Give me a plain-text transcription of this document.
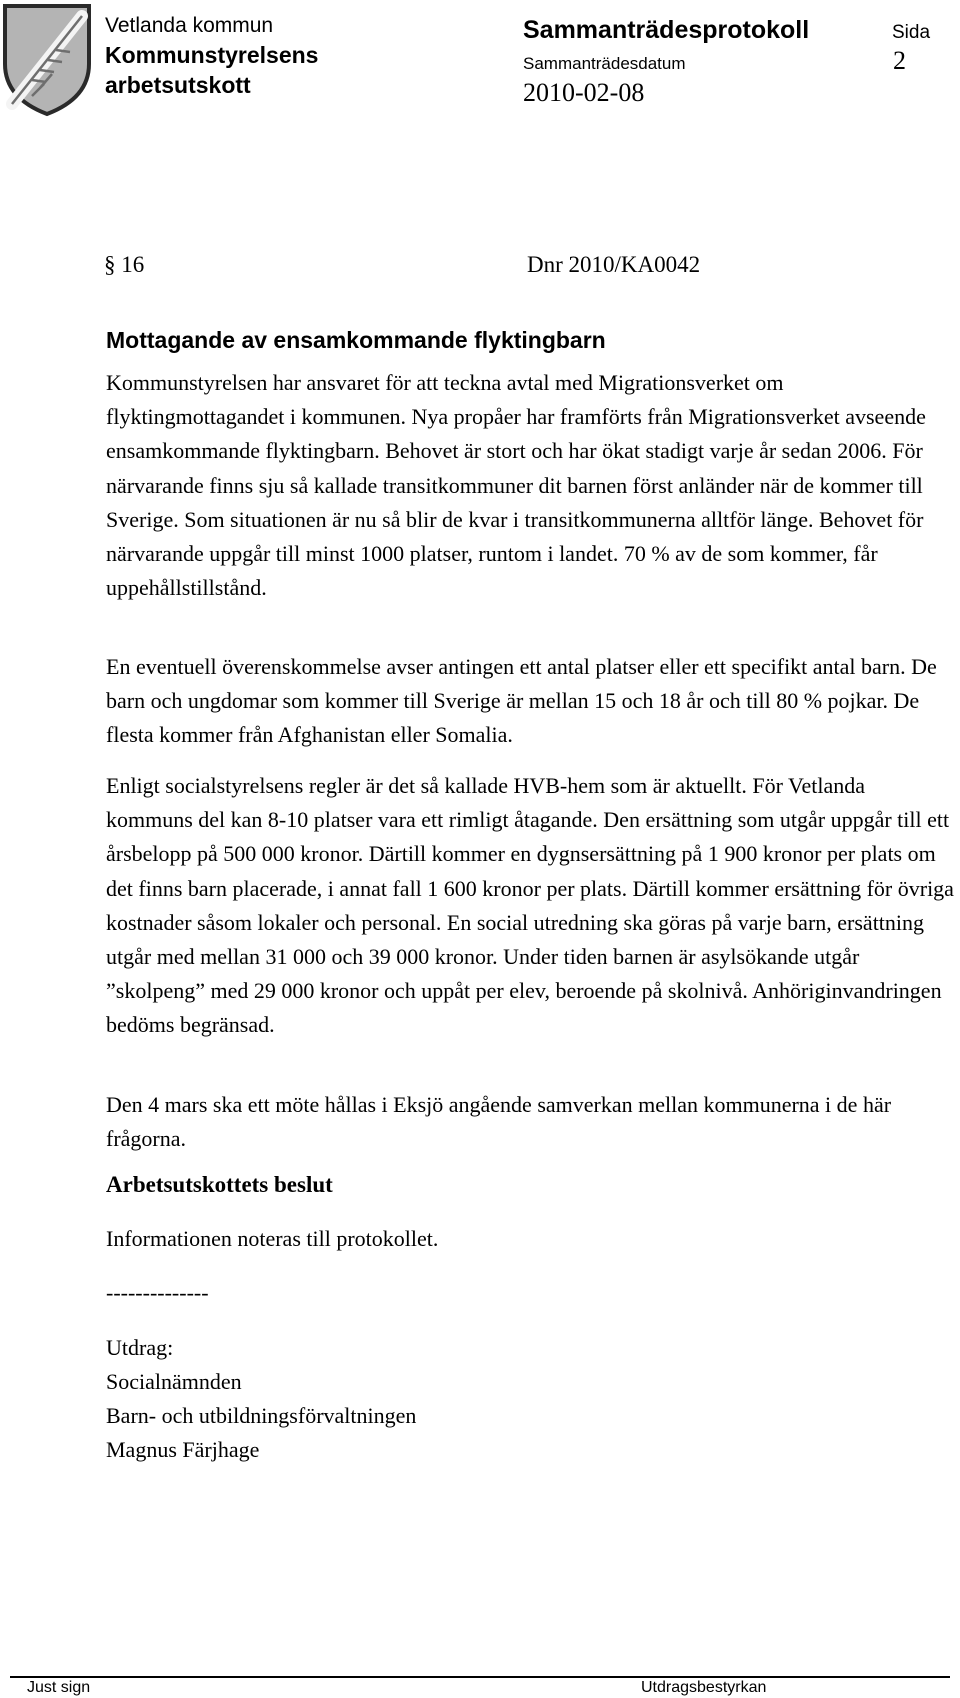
Vetlanda kommun
Kommunstyrelsens
arbetsutskott
Sammanträdesprotokoll	Sida
Sammanträdesdatum	2
2010-02-08
§ 16	Dnr 2010/KA0042
Mottagande av ensamkommande flyktingbarn
Kommunstyrelsen har ansvaret för att teckna avtal med Migrationsverket om flyktingmottagandet i kommunen. Nya propåer har framförts från Migrationsverket avseende ensamkommande flyktingbarn. Behovet är stort och har ökat stadigt varje år sedan 2006. För närvarande finns sju så kallade transitkommuner dit barnen först anländer när de kommer till Sverige. Som situationen är nu så blir de kvar i transitkommunerna alltför länge. Behovet för närvarande uppgår till minst 1000 platser, runtom i landet. 70 % av de som kommer, får uppehållstillstånd.
En eventuell överenskommelse avser antingen ett antal platser eller ett specifikt antal barn. De barn och ungdomar som kommer till Sverige är mellan 15 och 18 år och till 80 % pojkar. De flesta kommer från Afghanistan eller Somalia.
Enligt socialstyrelsens regler är det så kallade HVB-hem som är aktuellt. För Vetlanda kommuns del kan 8-10 platser vara ett rimligt åtagande. Den ersättning som utgår uppgår till ett årsbelopp på 500 000 kronor. Därtill kommer en dygnsersättning på 1 900 kronor per plats om det finns barn placerade, i annat fall 1 600 kronor per plats. Därtill kommer ersättning för övriga kostnader såsom lokaler och personal. En social utredning ska göras på varje barn, ersättning utgår med mellan 31 000 och 39 000 kronor. Under tiden barnen är asylsökande utgår ”skolpeng” med 29 000 kronor och uppåt per elev, beroende på skolnivå. Anhöriginvandringen bedöms begränsad.
Den 4 mars ska ett möte hållas i Eksjö angående samverkan mellan kommunerna i de här frågorna.
Arbetsutskottets beslut
Informationen noteras till protokollet.
--------------
Utdrag:
Socialnämnden
Barn- och utbildningsförvaltningen
Magnus Färjhage
Just sign	Utdragsbestyrkan
